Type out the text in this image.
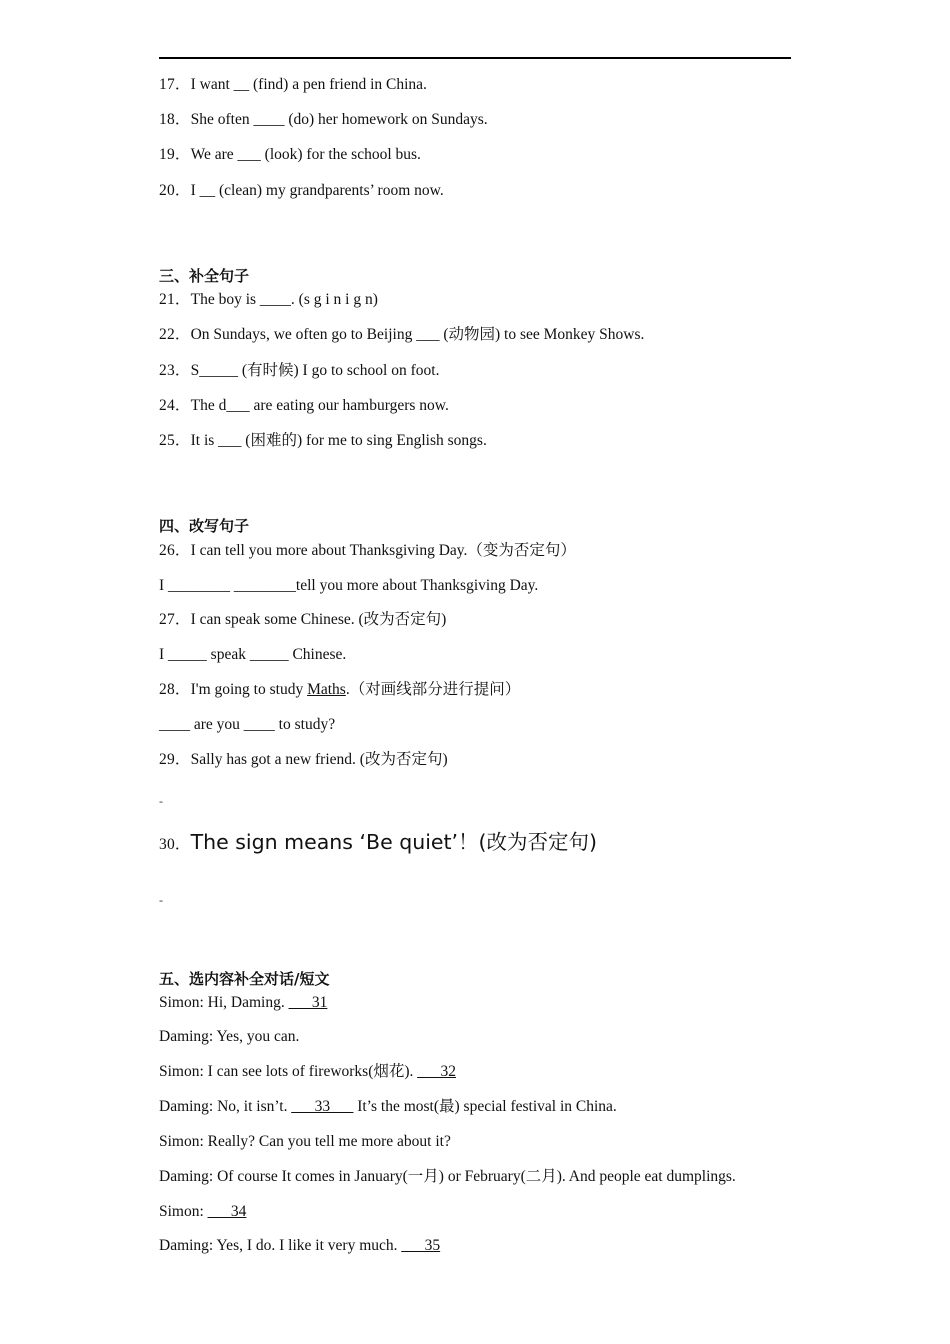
17．I want __ (find) a pen friend in China.
18．She often ____ (do) her homework on Sundays.
19．We are ___ (look) for the school bus.
20．I __ (clean) my grandparents’ room now.
三、补全句子
21．The boy is ____. (s g i n i g n)
22．On Sundays, we often go to Beijing ___ (动物园) to see Monkey Shows.
23．S_____ (有时候) I go to school on foot.
24．The d___ are eating our hamburgers now.
25．It is ___ (困难的) for me to sing English songs.
四、改写句子
26．I can tell you more about Thanksgiving Day.（变为否定句）
I ________ ________tell you more about Thanksgiving Day.
27．I can speak some Chinese. (改为否定句)
I _____ speak _____ Chinese.
28．I'm going to study Maths.（对画线部分进行提问）
____ are you ____ to study?
29．Sally has got a new friend. (改为否定句)
-
30．The sign means ‘Be quiet’！(改为否定句)
-
五、选内容补全对话/短文
Simon: Hi, Daming. ___31
Daming: Yes, you can.
Simon: I can see lots of fireworks(烟花). ___32
Daming: No, it isn’t. ___33___ It’s the most(最) special festival in China.
Simon: Really? Can you tell me more about it?
Daming: Of course It comes in January(一月) or February(二月). And people eat dumplings.
Simon: ___34
Daming: Yes, I do. I like it very much. ___35
